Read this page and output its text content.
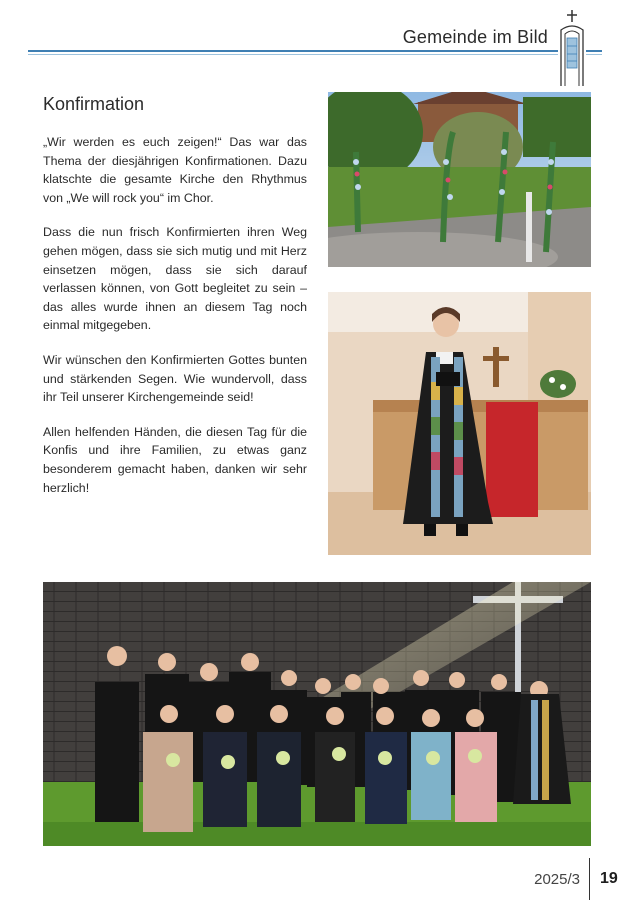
Gemeinde im Bild
Konfirmation

„Wir werden es euch zeigen!“ Das war das Thema der diesjährigen Konfirmationen. Dazu klatschte die gesamte Kirche den Rhythmus von „We will rock you“ im Chor.

Dass die nun frisch Konfirmierten ihren Weg gehen mögen, dass sie sich mutig und mit Herz einsetzen mögen, dass sie sich darauf verlassen können, von Gott begleitet zu sein – das alles wurde ihnen an diesem Tag noch einmal mitgegeben.

Wir wünschen den Konfirmierten Gottes bunten und stärkenden Segen. Wie wundervoll, dass ihr Teil unserer Kirchengemeinde seid!

Allen helfenden Händen, die diesen Tag für die Konfis und ihre Familien, zu etwas ganz besonderem gemacht haben, danken wir sehr herzlich!

2025/3 19
